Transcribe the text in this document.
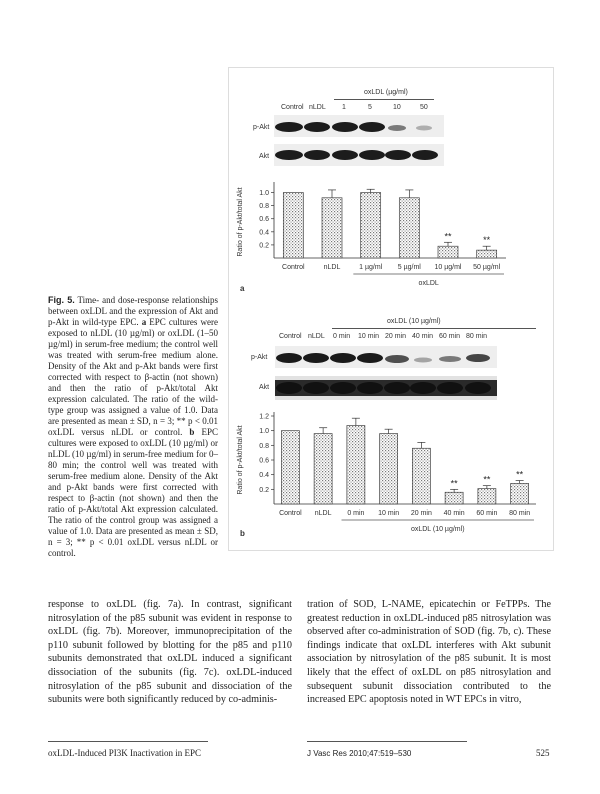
oxLDL (µg/ml)
Control nLDL 1	5	10	50
p-Akt
Akt
0.2
0.4
0.6
0.8
1.0
Ratio of p-Akt/total Akt
Control	nLDL	1 µg/ml 5 µg/ml
**
10 µg/ml
**
50 µg/ml
oxLDL
a
oxLDL (10 µg/ml)
Control nLDL 0 min 10 min 20 min 40 min 60 min 80 min
p-Akt
Akt
0.2
0.4
0.6
0.8
1.0
1.2
Ratio of p-Akt/total Akt
Control nLDL 0 min 10 min 20 min
**
40 min
**
60 min
**
80 min
oxLDL (10 µg/ml)
b
Fig. 5. Time- and dose-response relationships between oxLDL and the expression of Akt and p-Akt in wild-type EPC. a EPC cultures were exposed to nLDL (10 µg/ml) or oxLDL (1–50 µg/ml) in serum-free medium; the control well was treated with serum-free medium alone. Density of the Akt and p-Akt bands were first corrected with respect to β-actin (not shown) and then the ratio of p-Akt/total Akt expression calculated. The ratio of the wild-type group was assigned a value of 1.0. Data are presented as mean ± SD, n = 3; ** p < 0.01 oxLDL versus nLDL or control. b EPC cultures were exposed to oxLDL (10 µg/ml) or nLDL (10 µg/ml) in serum-free medium for 0–80 min; the control well was treated with serum-free medium alone. Density of the Akt and p-Akt bands were first corrected with respect to β-actin (not shown) and then the ratio of p-Akt/total Akt expression calculated. The ratio of the control group was assigned a value of 1.0. Data are presented as mean ± SD, n = 3; ** p < 0.01 oxLDL versus nLDL or control.
response to oxLDL (fig. 7a). In contrast, significant nitrosylation of the p85 subunit was evident in response to oxLDL (fig. 7b). Moreover, immunoprecipitation of the p110 subunit followed by blotting for the p85 and p110 subunits demonstrated that oxLDL induced a significant dissociation of the subunits (fig. 7c). oxLDL-induced nitrosylation of the p85 subunit and dissociation of the subunits were both significantly reduced by co-adminis-
tration of SOD, L-NAME, epicatechin or FeTPPs. The greatest reduction in oxLDL-induced p85 nitrosylation was observed after co-administration of SOD (fig. 7b, c). These findings indicate that oxLDL interferes with Akt subunit association by nitrosylation of the p85 subunit. It is most likely that the effect of oxLDL on p85 nitrosylation and subsequent subunit dissociation contributed to the increased EPC apoptosis noted in WT EPCs in vitro,
oxLDL-Induced PI3K Inactivation in EPC	J Vasc Res 2010;47:519–530	525
